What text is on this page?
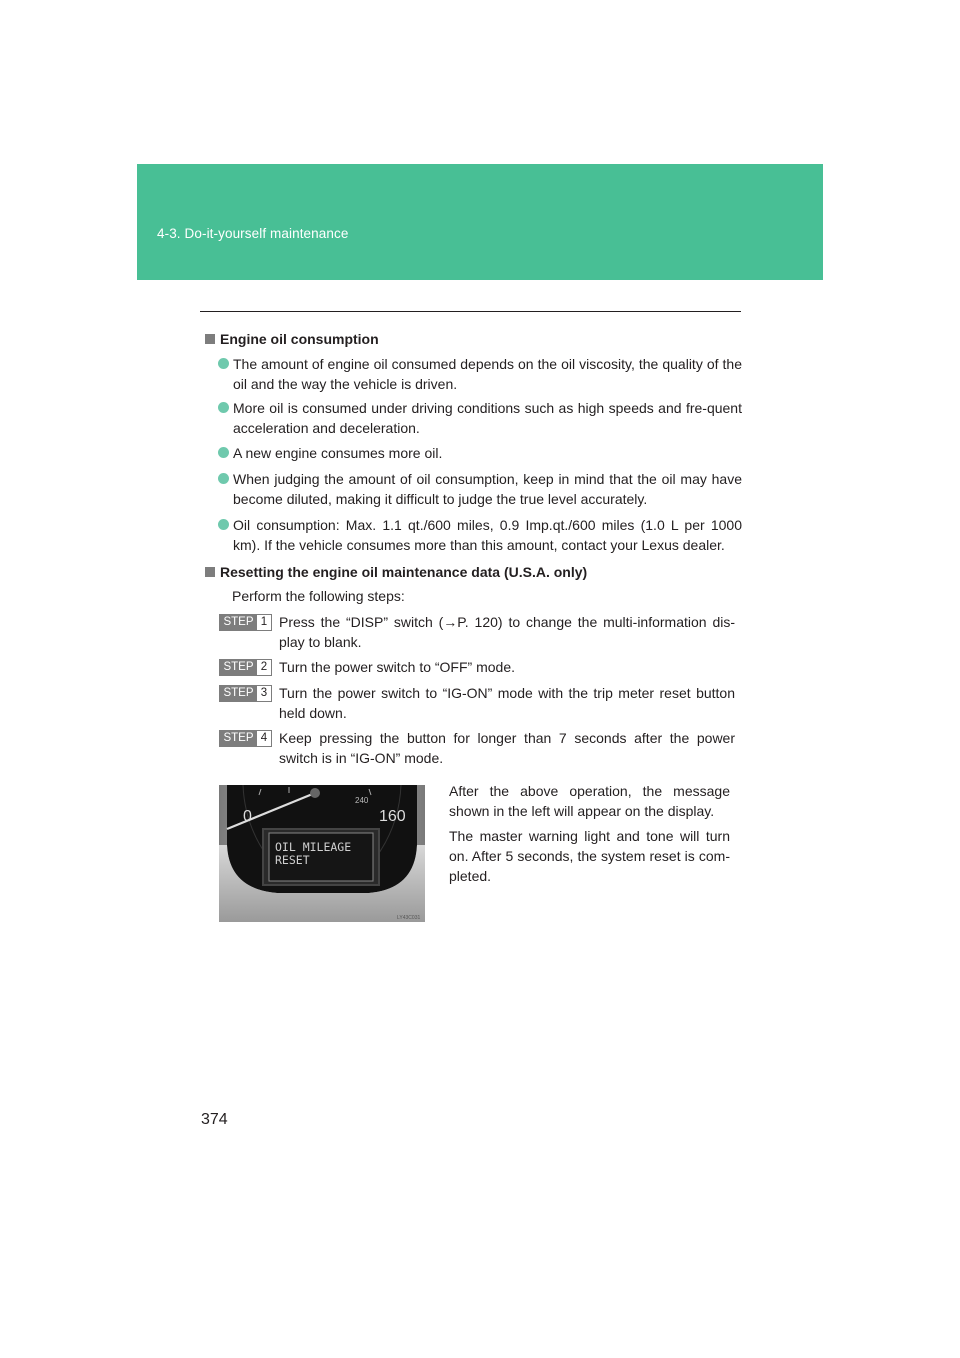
4-3. Do-it-yourself maintenance
Engine oil consumption
The amount of engine oil consumed depends on the oil viscosity, the quality of the oil and the way the vehicle is driven.
More oil is consumed under driving conditions such as high speeds and fre-quent acceleration and deceleration.
A new engine consumes more oil.
When judging the amount of oil consumption, keep in mind that the oil may have become diluted, making it difficult to judge the true level accurately.
Oil consumption: Max. 1.1 qt./600 miles, 0.9 Imp.qt./600 miles (1.0 L per 1000 km). If the vehicle consumes more than this amount, contact your Lexus dealer.
Resetting the engine oil maintenance data (U.S.A. only)
Perform the following steps:
STEP 1 Press the “DISP” switch (→P. 120) to change the multi-information dis-play to blank.
STEP 2 Turn the power switch to “OFF” mode.
STEP 3 Turn the power switch to “IG-ON” mode with the trip meter reset button held down.
STEP 4 Keep pressing the button for longer than 7 seconds after the power switch is in “IG-ON” mode.
0	160
240
OIL MILEAGE
RESET
LY43C031
After the above operation, the message shown in the left will appear on the display.
The master warning light and tone will turn on. After 5 seconds, the system reset is com-pleted.
374
